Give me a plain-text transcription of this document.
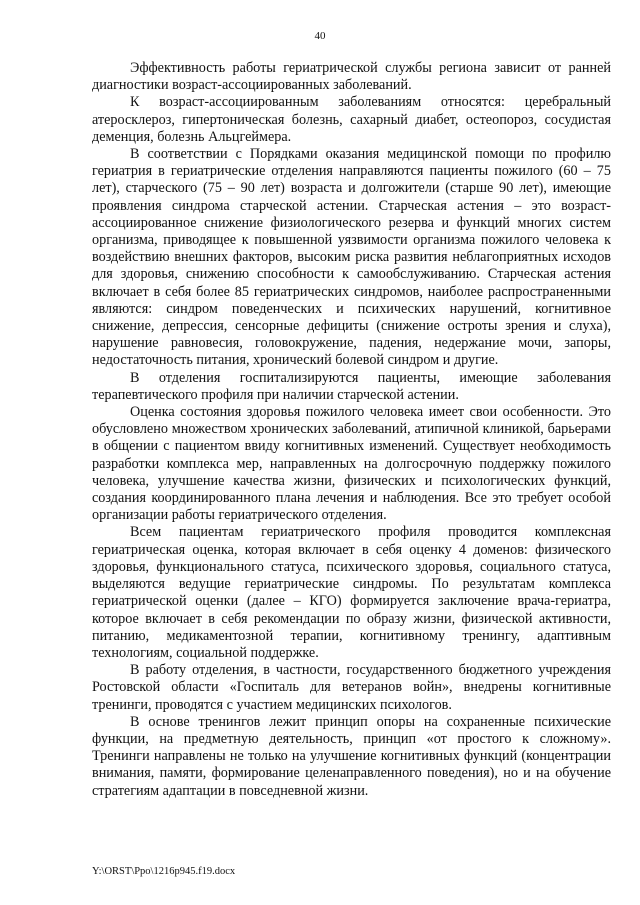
40

Эффективность работы гериатрической службы региона зависит от ранней диагностики возраст-ассоциированных заболеваний.

К возраст-ассоциированным заболеваниям относятся: церебральный атеросклероз, гипертоническая болезнь, сахарный диабет, остеопороз, сосудистая деменция, болезнь Альцгеймера.

В соответствии с Порядками оказания медицинской помощи по профилю гериатрия в гериатрические отделения направляются пациенты пожилого (60 – 75 лет), старческого (75 – 90 лет) возраста и долгожители (старше 90 лет), имеющие проявления синдрома старческой астении. Старческая астения – это возраст-ассоциированное снижение физиологического резерва и функций многих систем организма, приводящее к повышенной уязвимости организма пожилого человека к воздействию внешних факторов, высоким риска развития неблагоприятных исходов для здоровья, снижению способности к самообслуживанию. Старческая астения включает в себя более 85 гериатрических синдромов, наиболее распространенными являются: синдром поведенческих и психических нарушений, когнитивное снижение, депрессия, сенсорные дефициты (снижение остроты зрения и слуха), нарушение равновесия, головокружение, падения, недержание мочи, запоры, недостаточность питания, хронический болевой синдром и другие.

В отделения госпитализируются пациенты, имеющие заболевания терапевтического профиля при наличии старческой астении.

Оценка состояния здоровья пожилого человека имеет свои особенности. Это обусловлено множеством хронических заболеваний, атипичной клиникой, барьерами в общении с пациентом ввиду когнитивных изменений. Существует необходимость разработки комплекса мер, направленных на долгосрочную поддержку пожилого человека, улучшение качества жизни, физических и психологических функций, создания координированного плана лечения и наблюдения. Все это требует особой организации работы гериатрического отделения.

Всем пациентам гериатрического профиля проводится комплексная гериатрическая оценка, которая включает в себя оценку 4 доменов: физического здоровья, функционального статуса, психического здоровья, социального статуса, выделяются ведущие гериатрические синдромы. По результатам комплекса гериатрической оценки (далее – КГО) формируется заключение врача-гериатра, которое включает в себя рекомендации по образу жизни, физической активности, питанию, медикаментозной терапии, когнитивному тренингу, адаптивным технологиям, социальной поддержке.

В работу отделения, в частности, государственного бюджетного учреждения Ростовской области «Госпиталь для ветеранов войн», внедрены когнитивные тренинги, проводятся с участием медицинских психологов.

В основе тренингов лежит принцип опоры на сохраненные психические функции, на предметную деятельность, принцип «от простого к сложному». Тренинги направлены не только на улучшение когнитивных функций (концентрации внимания, памяти, формирование целенаправленного поведения), но и на обучение стратегиям адаптации в повседневной жизни.

Y:\ORST\Ppo\1216p945.f19.docx
